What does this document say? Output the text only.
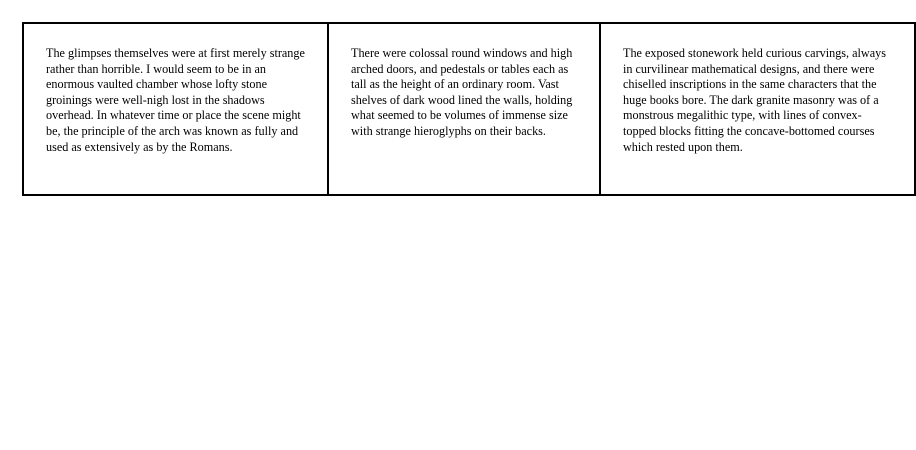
The glimpses themselves were at first merely strange rather than horrible. I would seem to be in an enormous vaulted chamber whose lofty stone groinings were well-nigh lost in the shadows overhead. In whatever time or place the scene might be, the principle of the arch was known as fully and used as extensively as by the Romans.	There were colossal round windows and high arched doors, and pedestals or tables each as tall as the height of an ordinary room. Vast shelves of dark wood lined the walls, holding what seemed to be volumes of immense size with strange hieroglyphs on their backs.	The exposed stonework held curious carvings, always in curvilinear mathematical designs, and there were chiselled inscriptions in the same characters that the huge books bore. The dark granite masonry was of a monstrous megalithic type, with lines of convex-topped blocks fitting the concave-bottomed courses which rested upon them.
